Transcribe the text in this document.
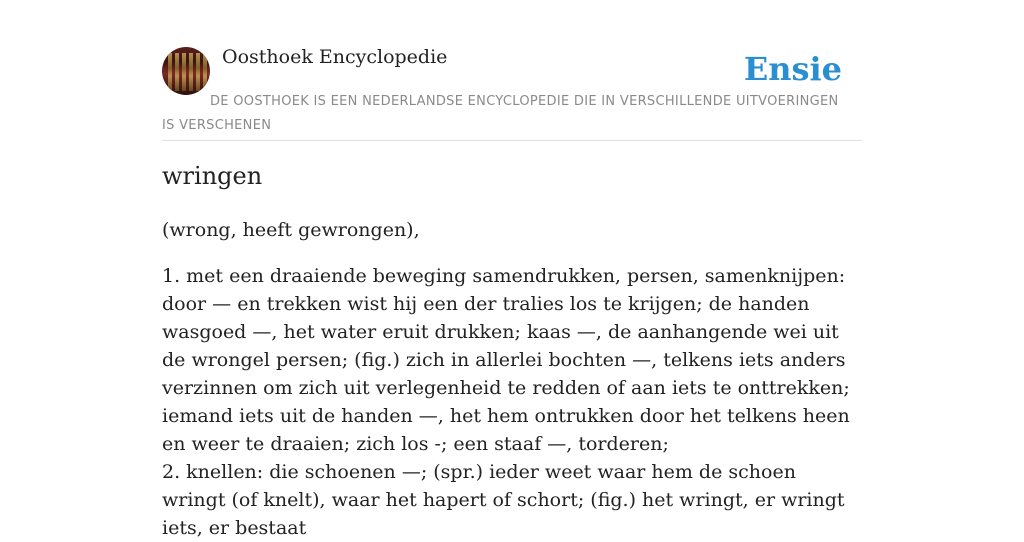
Oosthoek Encyclopedie	Ensie
DE OOSTHOEK IS EEN NEDERLANDSE ENCYCLOPEDIE DIE IN VERSCHILLENDE UITVOERINGEN IS VERSCHENEN
wringen

(wrong, heeft gewrongen),

1. met een draaiende beweging samendrukken, persen, samenknijpen: door — en trekken wist hij een der tralies los te krijgen; de handen wasgoed —, het water eruit drukken; kaas —, de aanhangende wei uit de wrongel persen; (fig.) zich in allerlei bochten —, telkens iets anders verzinnen om zich uit verlegenheid te redden of aan iets te onttrekken; iemand iets uit de handen —, het hem ontrukken door het telkens heen en weer te draaien; zich los -; een staaf —, torderen;

2. knellen: die schoenen —; (spr.) ieder weet waar hem de schoen wringt (of knelt), waar het hapert of schort; (fig.) het wringt, er wringt iets, er bestaat
